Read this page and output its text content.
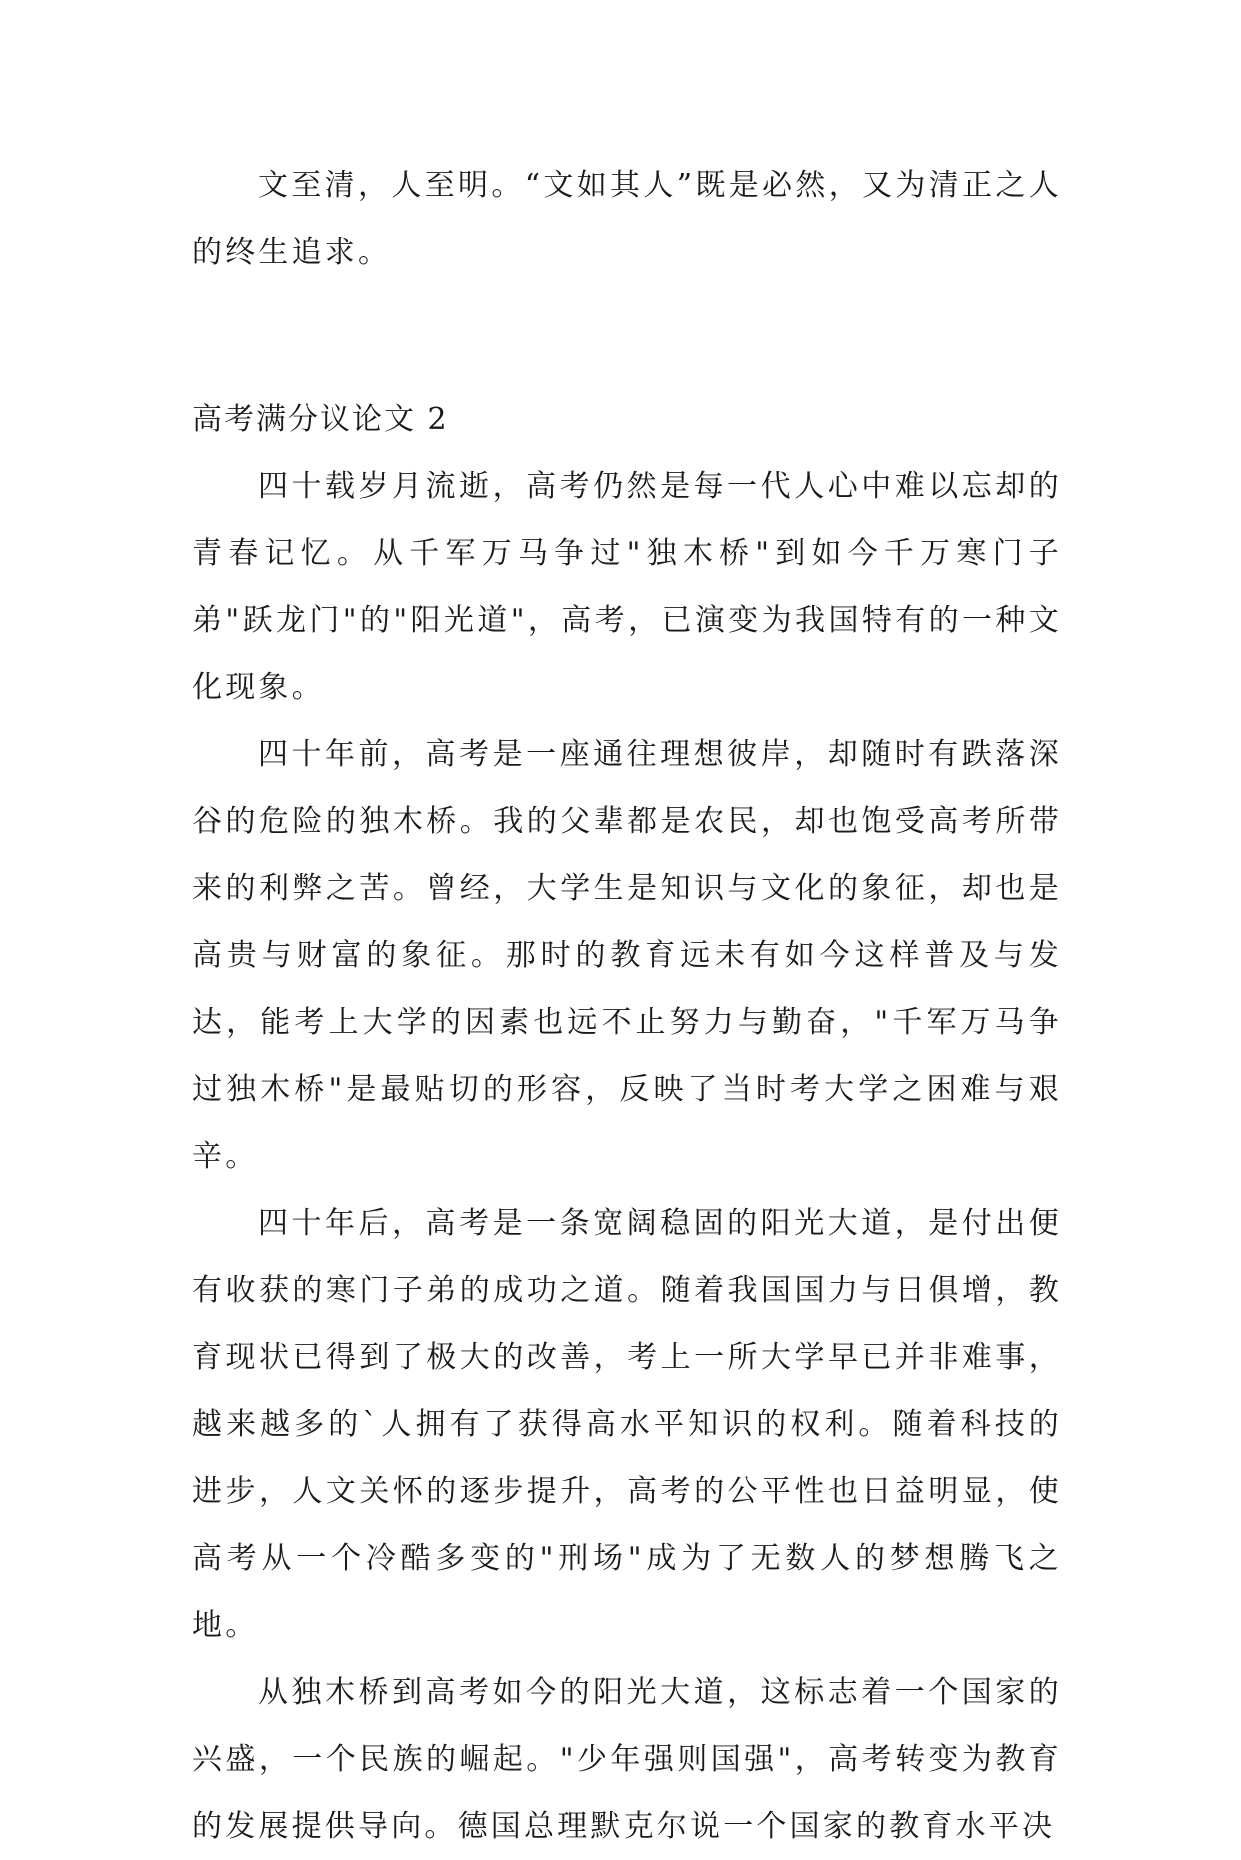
文至清，人至明。“文如其人”既是必然，又为清正之人的终生追求。

高考满分议论文 2

四十载岁月流逝，高考仍然是每一代人心中难以忘却的青春记忆。从千军万马争过"独木桥"到如今千万寒门子弟"跃龙门"的"阳光道"，高考，已演变为我国特有的一种文化现象。

四十年前，高考是一座通往理想彼岸，却随时有跌落深谷的危险的独木桥。我的父辈都是农民，却也饱受高考所带来的利弊之苦。曾经，大学生是知识与文化的象征，却也是高贵与财富的象征。那时的教育远未有如今这样普及与发达，能考上大学的因素也远不止努力与勤奋，"千军万马争过独木桥"是最贴切的形容，反映了当时考大学之困难与艰辛。

四十年后，高考是一条宽阔稳固的阳光大道，是付出便有收获的寒门子弟的成功之道。随着我国国力与日俱增，教育现状已得到了极大的改善，考上一所大学早已并非难事，越来越多的`人拥有了获得高水平知识的权利。随着科技的进步，人文关怀的逐步提升，高考的公平性也日益明显，使高考从一个冷酷多变的"刑场"成为了无数人的梦想腾飞之地。

从独木桥到高考如今的阳光大道，这标志着一个国家的兴盛，一个民族的崛起。"少年强则国强"，高考转变为教育的发展提供导向。德国总理默克尔说一个国家的教育水平决
